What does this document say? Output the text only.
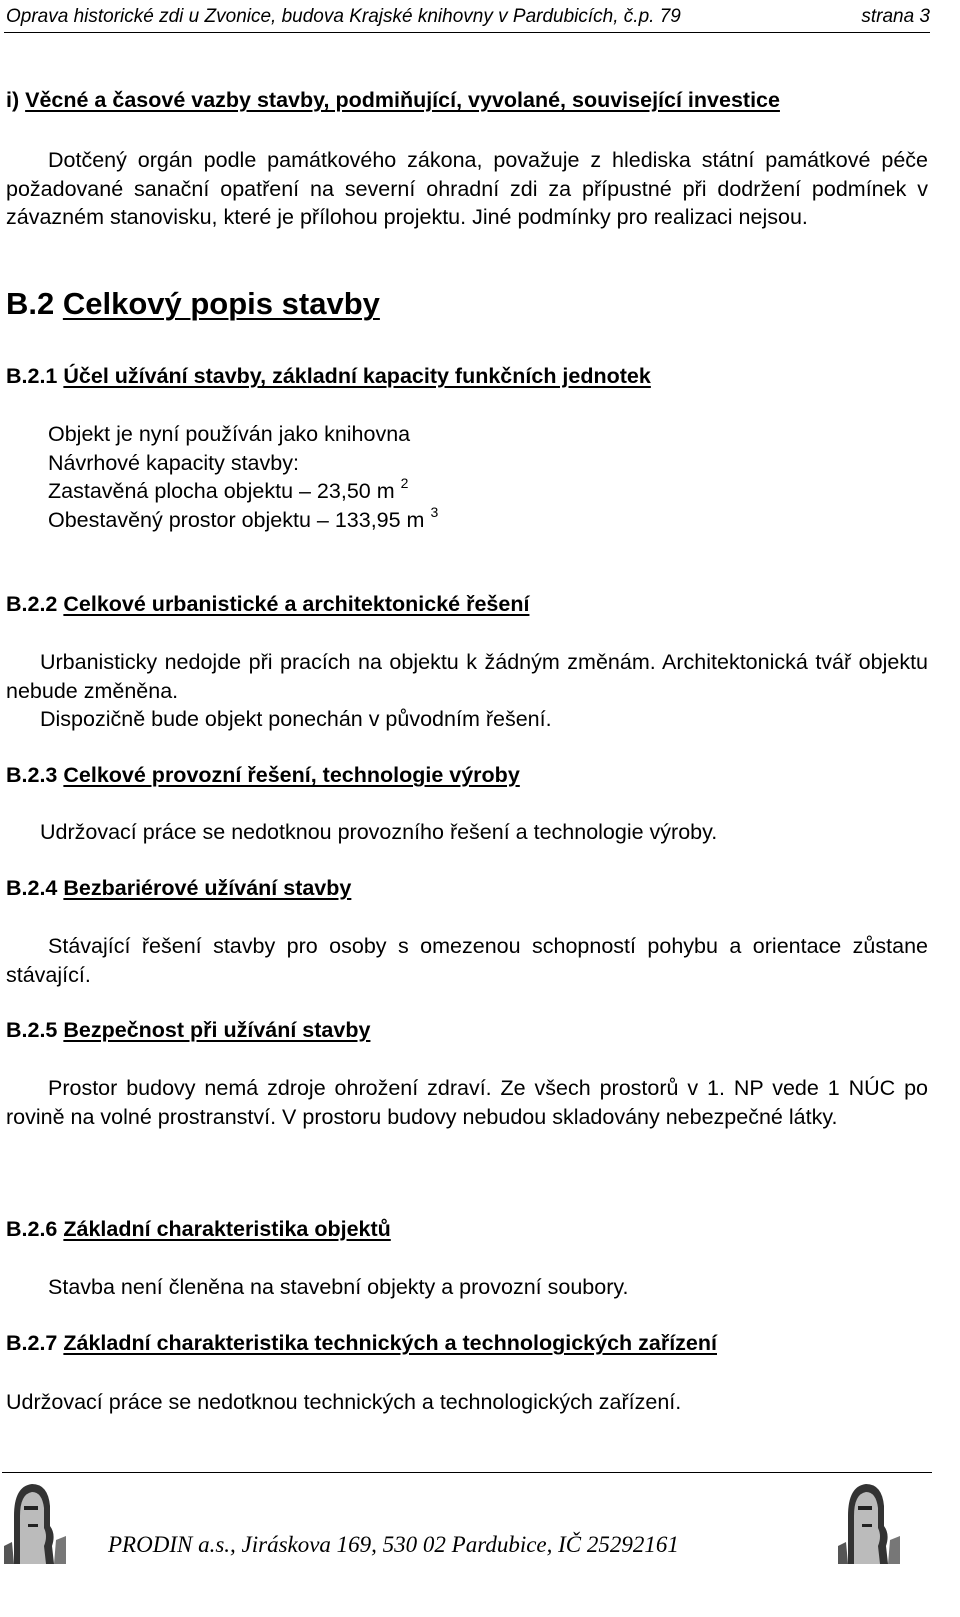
Oprava historické zdi u Zvonice, budova Krajské knihovny v Pardubicích, č.p. 79	strana 3
i) Věcné a časové vazby stavby, podmiňující, vyvolané, související investice
Dotčený orgán podle památkového zákona, považuje z hlediska státní památkové péče požadované sanační opatření na severní ohradní zdi za přípustné při dodržení podmínek v závazném stanovisku, které je přílohou projektu. Jiné podmínky pro realizaci nejsou.
B.2 Celkový popis stavby
B.2.1 Účel užívání stavby, základní kapacity funkčních jednotek
Objekt je nyní používán jako knihovna
Návrhové kapacity stavby:
Zastavěná plocha objektu – 23,50 m $^2$
Obestavěný prostor objektu – 133,95 m $^3$
B.2.2 Celkové urbanistické a architektonické řešení
Urbanisticky nedojde při pracích na objektu k žádným změnám. Architektonická tvář objektu nebude změněna.
Dispozičně bude objekt ponechán v původním řešení.
B.2.3 Celkové provozní řešení, technologie výroby
Udržovací práce se nedotknou provozního řešení a technologie výroby.
B.2.4 Bezbariérové užívání stavby
Stávající řešení stavby pro osoby s omezenou schopností pohybu a orientace zůstane stávající.
B.2.5 Bezpečnost při užívání stavby
Prostor budovy nemá zdroje ohrožení zdraví. Ze všech prostorů v 1. NP vede 1 NÚC po rovině na volné prostranství. V prostoru budovy nebudou skladovány nebezpečné látky.
B.2.6 Základní charakteristika objektů
Stavba není členěna na stavební objekty a provozní soubory.
B.2.7 Základní charakteristika technických a technologických zařízení
Udržovací práce se nedotknou technických a technologických zařízení.
PRODIN a.s., Jiráskova 169, 530 02 Pardubice, IČ 25292161
